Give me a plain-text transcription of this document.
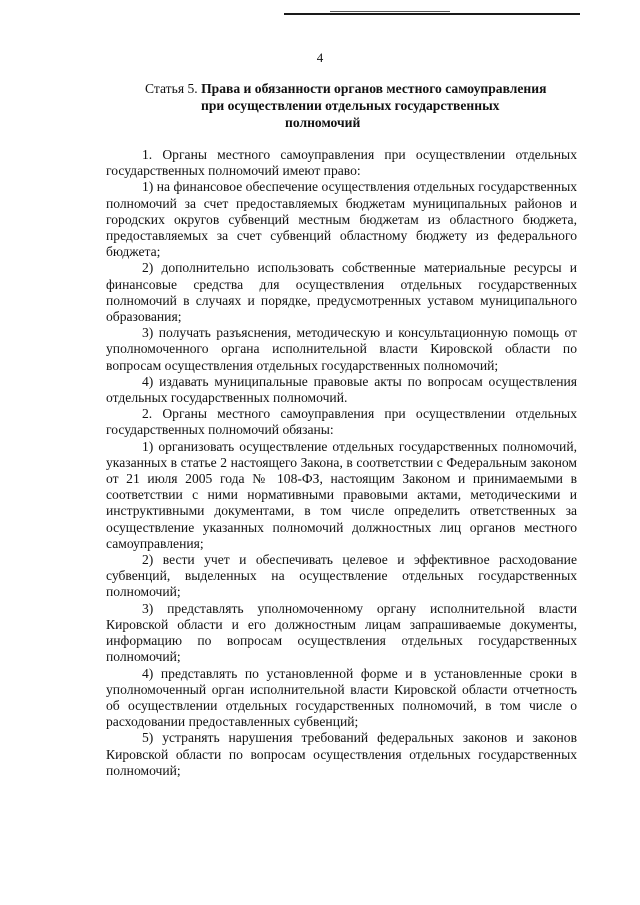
4
Статья 5. Права и обязанности органов местного самоуправления
при осуществлении отдельных государственных
полномочий

1. Органы местного самоуправления при осуществлении отдельных государственных полномочий имеют право:

1) на финансовое обеспечение осуществления отдельных государственных полномочий за счет предоставляемых бюджетам муниципальных районов и городских округов субвенций местным бюджетам из областного бюджета, предоставляемых за счет субвенций областному бюджету из федерального бюджета;

2) дополнительно использовать собственные материальные ресурсы и финансовые средства для осуществления отдельных государственных полномочий в случаях и порядке, предусмотренных уставом муниципального образования;

3) получать разъяснения, методическую и консультационную помощь от уполномоченного органа исполнительной власти Кировской области по вопросам осуществления отдельных государственных полномочий;

4) издавать муниципальные правовые акты по вопросам осуществления отдельных государственных полномочий.

2. Органы местного самоуправления при осуществлении отдельных государственных полномочий обязаны:

1) организовать осуществление отдельных государственных полномочий, указанных в статье 2 настоящего Закона, в соответствии с Федеральным законом от 21 июля 2005 года № 108-ФЗ, настоящим Законом и принимаемыми в соответствии с ними нормативными правовыми актами, методическими и инструктивными документами, в том числе определить ответственных за осуществление указанных полномочий должностных лиц органов местного самоуправления;

2) вести учет и обеспечивать целевое и эффективное расходование субвенций, выделенных на осуществление отдельных государственных полномочий;

3) представлять уполномоченному органу исполнительной власти Кировской области и его должностным лицам запрашиваемые документы, информацию по вопросам осуществления отдельных государственных полномочий;

4) представлять по установленной форме и в установленные сроки в уполномоченный орган исполнительной власти Кировской области отчетность об осуществлении отдельных государственных полномочий, в том числе о расходовании предоставленных субвенций;

5) устранять нарушения требований федеральных законов и законов Кировской области по вопросам осуществления отдельных государственных полномочий;
